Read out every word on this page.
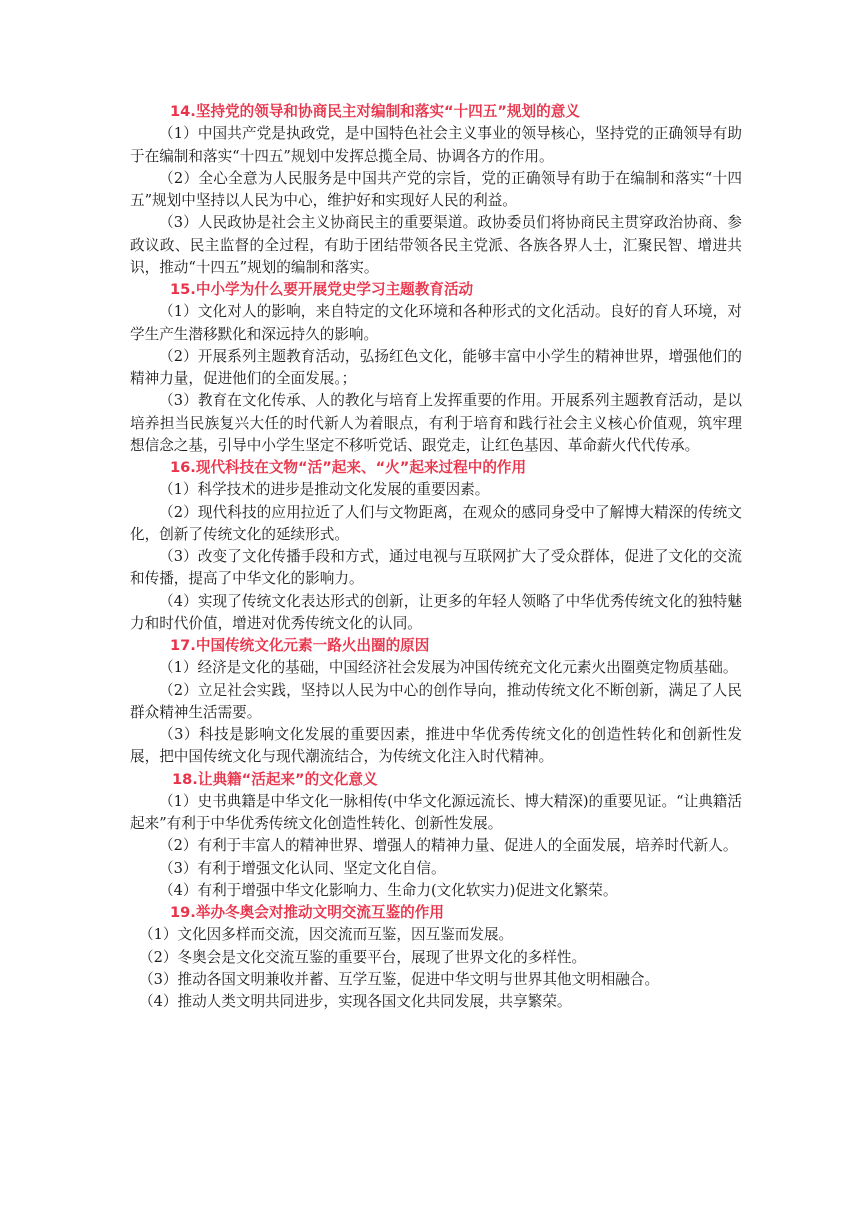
14.坚持党的领导和协商民主对编制和落实“十四五”规划的意义

（1）中国共产党是执政党，是中国特色社会主义事业的领导核心，坚持党的正确领导有助于在编制和落实“十四五”规划中发挥总揽全局、协调各方的作用。

（2）全心全意为人民服务是中国共产党的宗旨，党的正确领导有助于在编制和落实“十四五”规划中坚持以人民为中心，维护好和实现好人民的利益。

（3）人民政协是社会主义协商民主的重要渠道。政协委员们将协商民主贯穿政治协商、参政议政、民主监督的全过程，有助于团结带领各民主党派、各族各界人士，汇聚民智、增进共识，推动“十四五”规划的编制和落实。

15.中小学为什么要开展党史学习主题教育活动

（1）文化对人的影响，来自特定的文化环境和各种形式的文化活动。良好的育人环境，对学生产生潜移默化和深远持久的影响。

（2）开展系列主题教育活动，弘扬红色文化，能够丰富中小学生的精神世界，增强他们的精神力量，促进他们的全面发展。；

（3）教育在文化传承、人的教化与培育上发挥重要的作用。开展系列主题教育活动，是以培养担当民族复兴大任的时代新人为着眼点，有利于培育和践行社会主义核心价值观，筑牢理想信念之基，引导中小学生坚定不移听党话、跟党走，让红色基因、革命薪火代代传承。

16.现代科技在文物“活”起来、“火”起来过程中的作用

（1）科学技术的进步是推动文化发展的重要因素。

（2）现代科技的应用拉近了人们与文物距离，在观众的感同身受中了解博大精深的传统文化，创新了传统文化的延续形式。

（3）改变了文化传播手段和方式，通过电视与互联网扩大了受众群体，促进了文化的交流和传播，提高了中华文化的影响力。

（4）实现了传统文化表达形式的创新，让更多的年轻人领略了中华优秀传统文化的独特魅力和时代价值，增进对优秀传统文化的认同。

17.中国传统文化元素一路火出圈的原因

（1）经济是文化的基础，中国经济社会发展为冲国传统充文化元素火出圈奠定物质基础。

（2）立足社会实践，坚持以人民为中心的创作导向，推动传统文化不断创新，满足了人民群众精神生活需要。

（3）科技是影响文化发展的重要因素，推进中华优秀传统文化的创造性转化和创新性发展，把中国传统文化与现代潮流结合，为传统文化注入时代精神。

18.让典籍“活起来”的文化意义

（1）史书典籍是中华文化一脉相传(中华文化源远流长、博大精深)的重要见证。“让典籍活起来”有利于中华优秀传统文化创造性转化、创新性发展。

（2）有利于丰富人的精神世界、增强人的精神力量、促进人的全面发展，培养时代新人。

（3）有利于增强文化认同、坚定文化自信。

（4）有利于增强中华文化影响力、生命力(文化软实力)促进文化繁荣。

19.举办冬奥会对推动文明交流互鉴的作用

（1）文化因多样而交流，因交流而互鉴，因互鉴而发展。

（2）冬奥会是文化交流互鉴的重要平台，展现了世界文化的多样性。

（3）推动各国文明兼收并蓄、互学互鉴，促进中华文明与世界其他文明相融合。

（4）推动人类文明共同进步，实现各国文化共同发展，共享繁荣。
